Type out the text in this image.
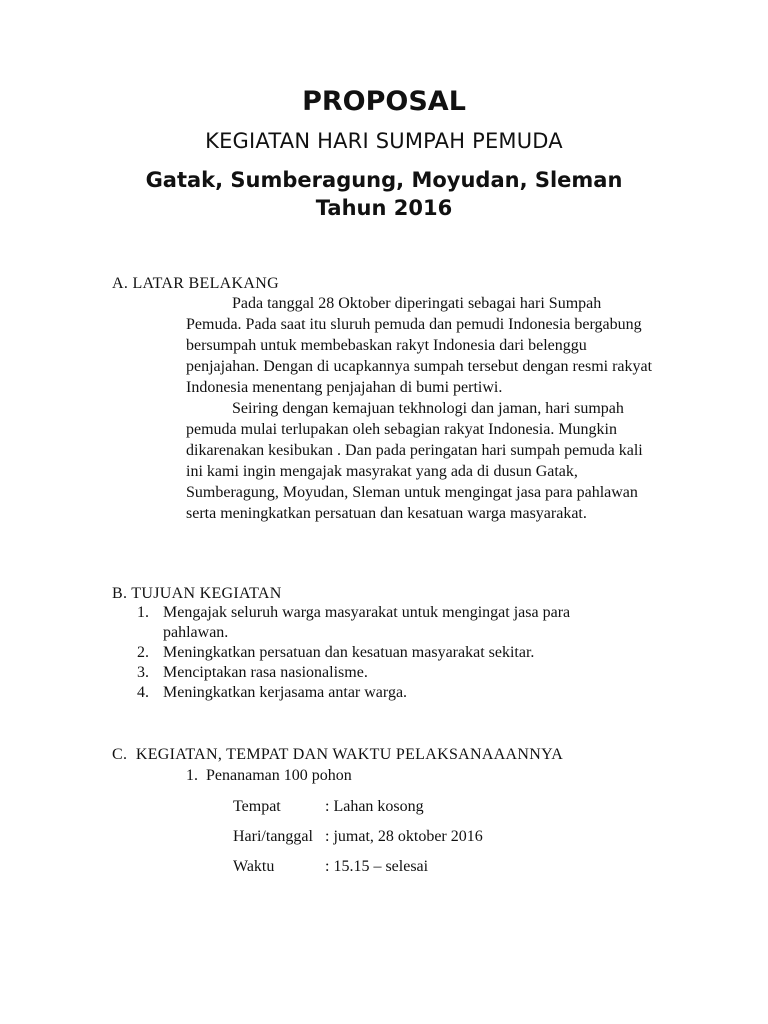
PROPOSAL
KEGIATAN HARI SUMPAH PEMUDA
Gatak, Sumberagung, Moyudan, Sleman
Tahun 2016
A. LATAR BELAKANG

Pada tanggal 28 Oktober diperingati sebagai hari Sumpah Pemuda. Pada saat itu sluruh pemuda dan pemudi Indonesia bergabung bersumpah untuk membebaskan rakyt Indonesia dari belenggu penjajahan. Dengan di ucapkannya sumpah tersebut dengan resmi rakyat Indonesia menentang penjajahan di bumi pertiwi.

Seiring dengan kemajuan tekhnologi dan jaman, hari sumpah pemuda mulai terlupakan oleh sebagian rakyat Indonesia. Mungkin dikarenakan kesibukan . Dan pada peringatan hari sumpah pemuda kali ini kami ingin mengajak masyrakat yang ada di dusun Gatak, Sumberagung, Moyudan, Sleman untuk mengingat jasa para pahlawan serta meningkatkan persatuan dan kesatuan warga masyarakat.

B. TUJUAN KEGIATAN
1. Mengajak seluruh warga masyarakat untuk mengingat jasa para pahlawan.
2. Meningkatkan persatuan dan kesatuan masyarakat sekitar.
3. Menciptakan rasa nasionalisme.
4. Meningkatkan kerjasama antar warga.
C.  KEGIATAN, TEMPAT DAN WAKTU PELAKSANAAANNYA
1.  Penanaman 100 pohon
Tempat	: Lahan kosong
Hari/tanggal : jumat, 28 oktober 2016
Waktu	: 15.15 – selesai
